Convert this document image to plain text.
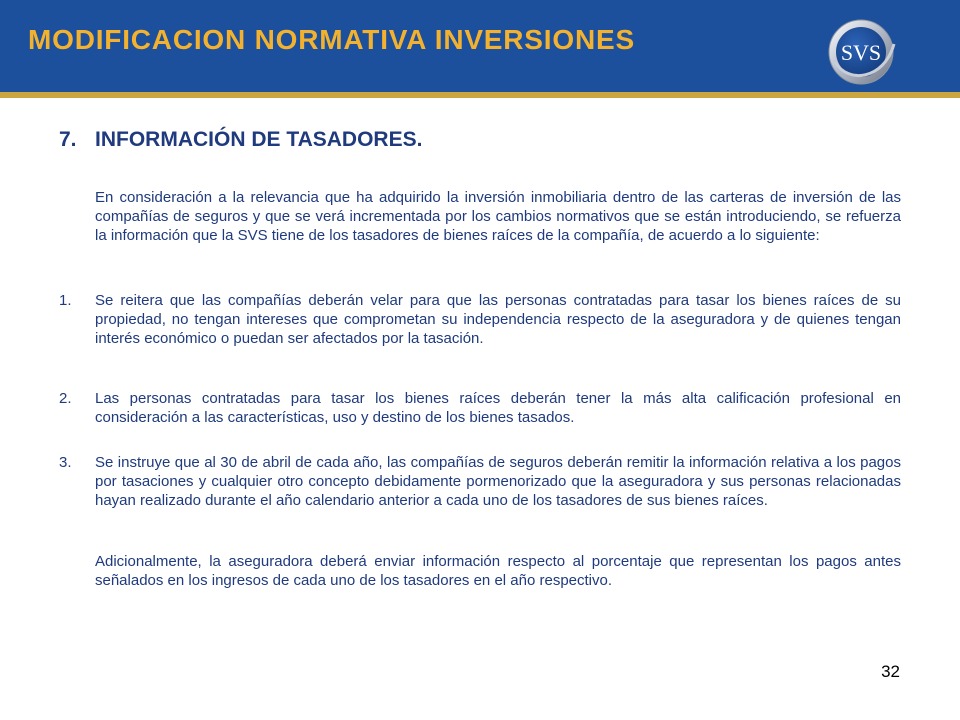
MODIFICACION NORMATIVA INVERSIONES	SVS
7. INFORMACIÓN DE TASADORES.

En consideración a la relevancia que ha adquirido la inversión inmobiliaria dentro de las carteras de inversión de las compañías de seguros y que se verá incrementada por los cambios normativos que se están introduciendo, se refuerza la información que la SVS tiene de los tasadores de bienes raíces de la compañía, de acuerdo a lo siguiente:

1. Se reitera que las compañías deberán velar para que las personas contratadas para tasar los bienes raíces de su propiedad, no tengan intereses que comprometan su independencia respecto de la aseguradora y de quienes tengan interés económico o puedan ser afectados por la tasación.

2. Las personas contratadas para tasar los bienes raíces deberán tener la más alta calificación profesional en consideración a las características, uso y destino de los bienes tasados.

3. Se instruye que al 30 de abril de cada año, las compañías de seguros deberán remitir la información relativa a los pagos por tasaciones y cualquier otro concepto debidamente pormenorizado que la aseguradora y sus personas relacionadas hayan realizado durante el año calendario anterior a cada uno de los tasadores de sus bienes raíces.

Adicionalmente, la aseguradora deberá enviar información respecto al porcentaje que representan los pagos antes señalados en los ingresos de cada uno de los tasadores en el año respectivo.

32
